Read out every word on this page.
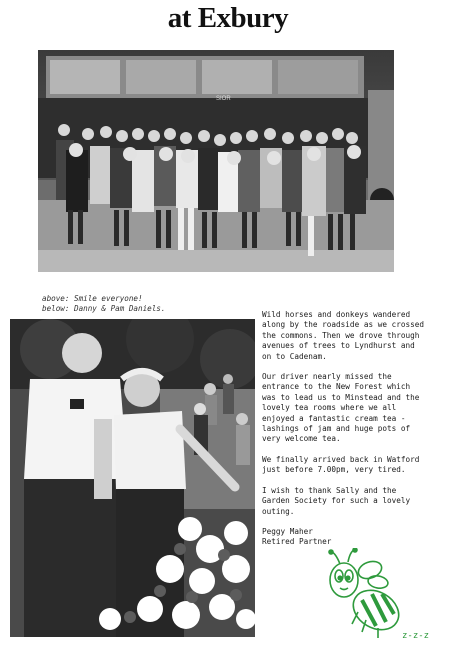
at Exbury
SIOR
above: Smile everyone!
below: Danny & Pam Daniels.

Wild horses and donkeys wandered
along by the roadside as we crossed
the commons. Then we drove through
avenues of trees to Lyndhurst and
on to Cadenam.

Our driver nearly missed the
entrance to the New Forest which
was to lead us to Minstead and the
lovely tea rooms where we all
enjoyed a fantastic cream tea -
lashings of jam and huge pots of
very welcome tea.

We finally arrived back in Watford
just before 7.00pm, very tired.

I wish to thank Sally and the
Garden Society for such a lovely
outing.

Peggy Maher
Retired Partner
z-z-z
